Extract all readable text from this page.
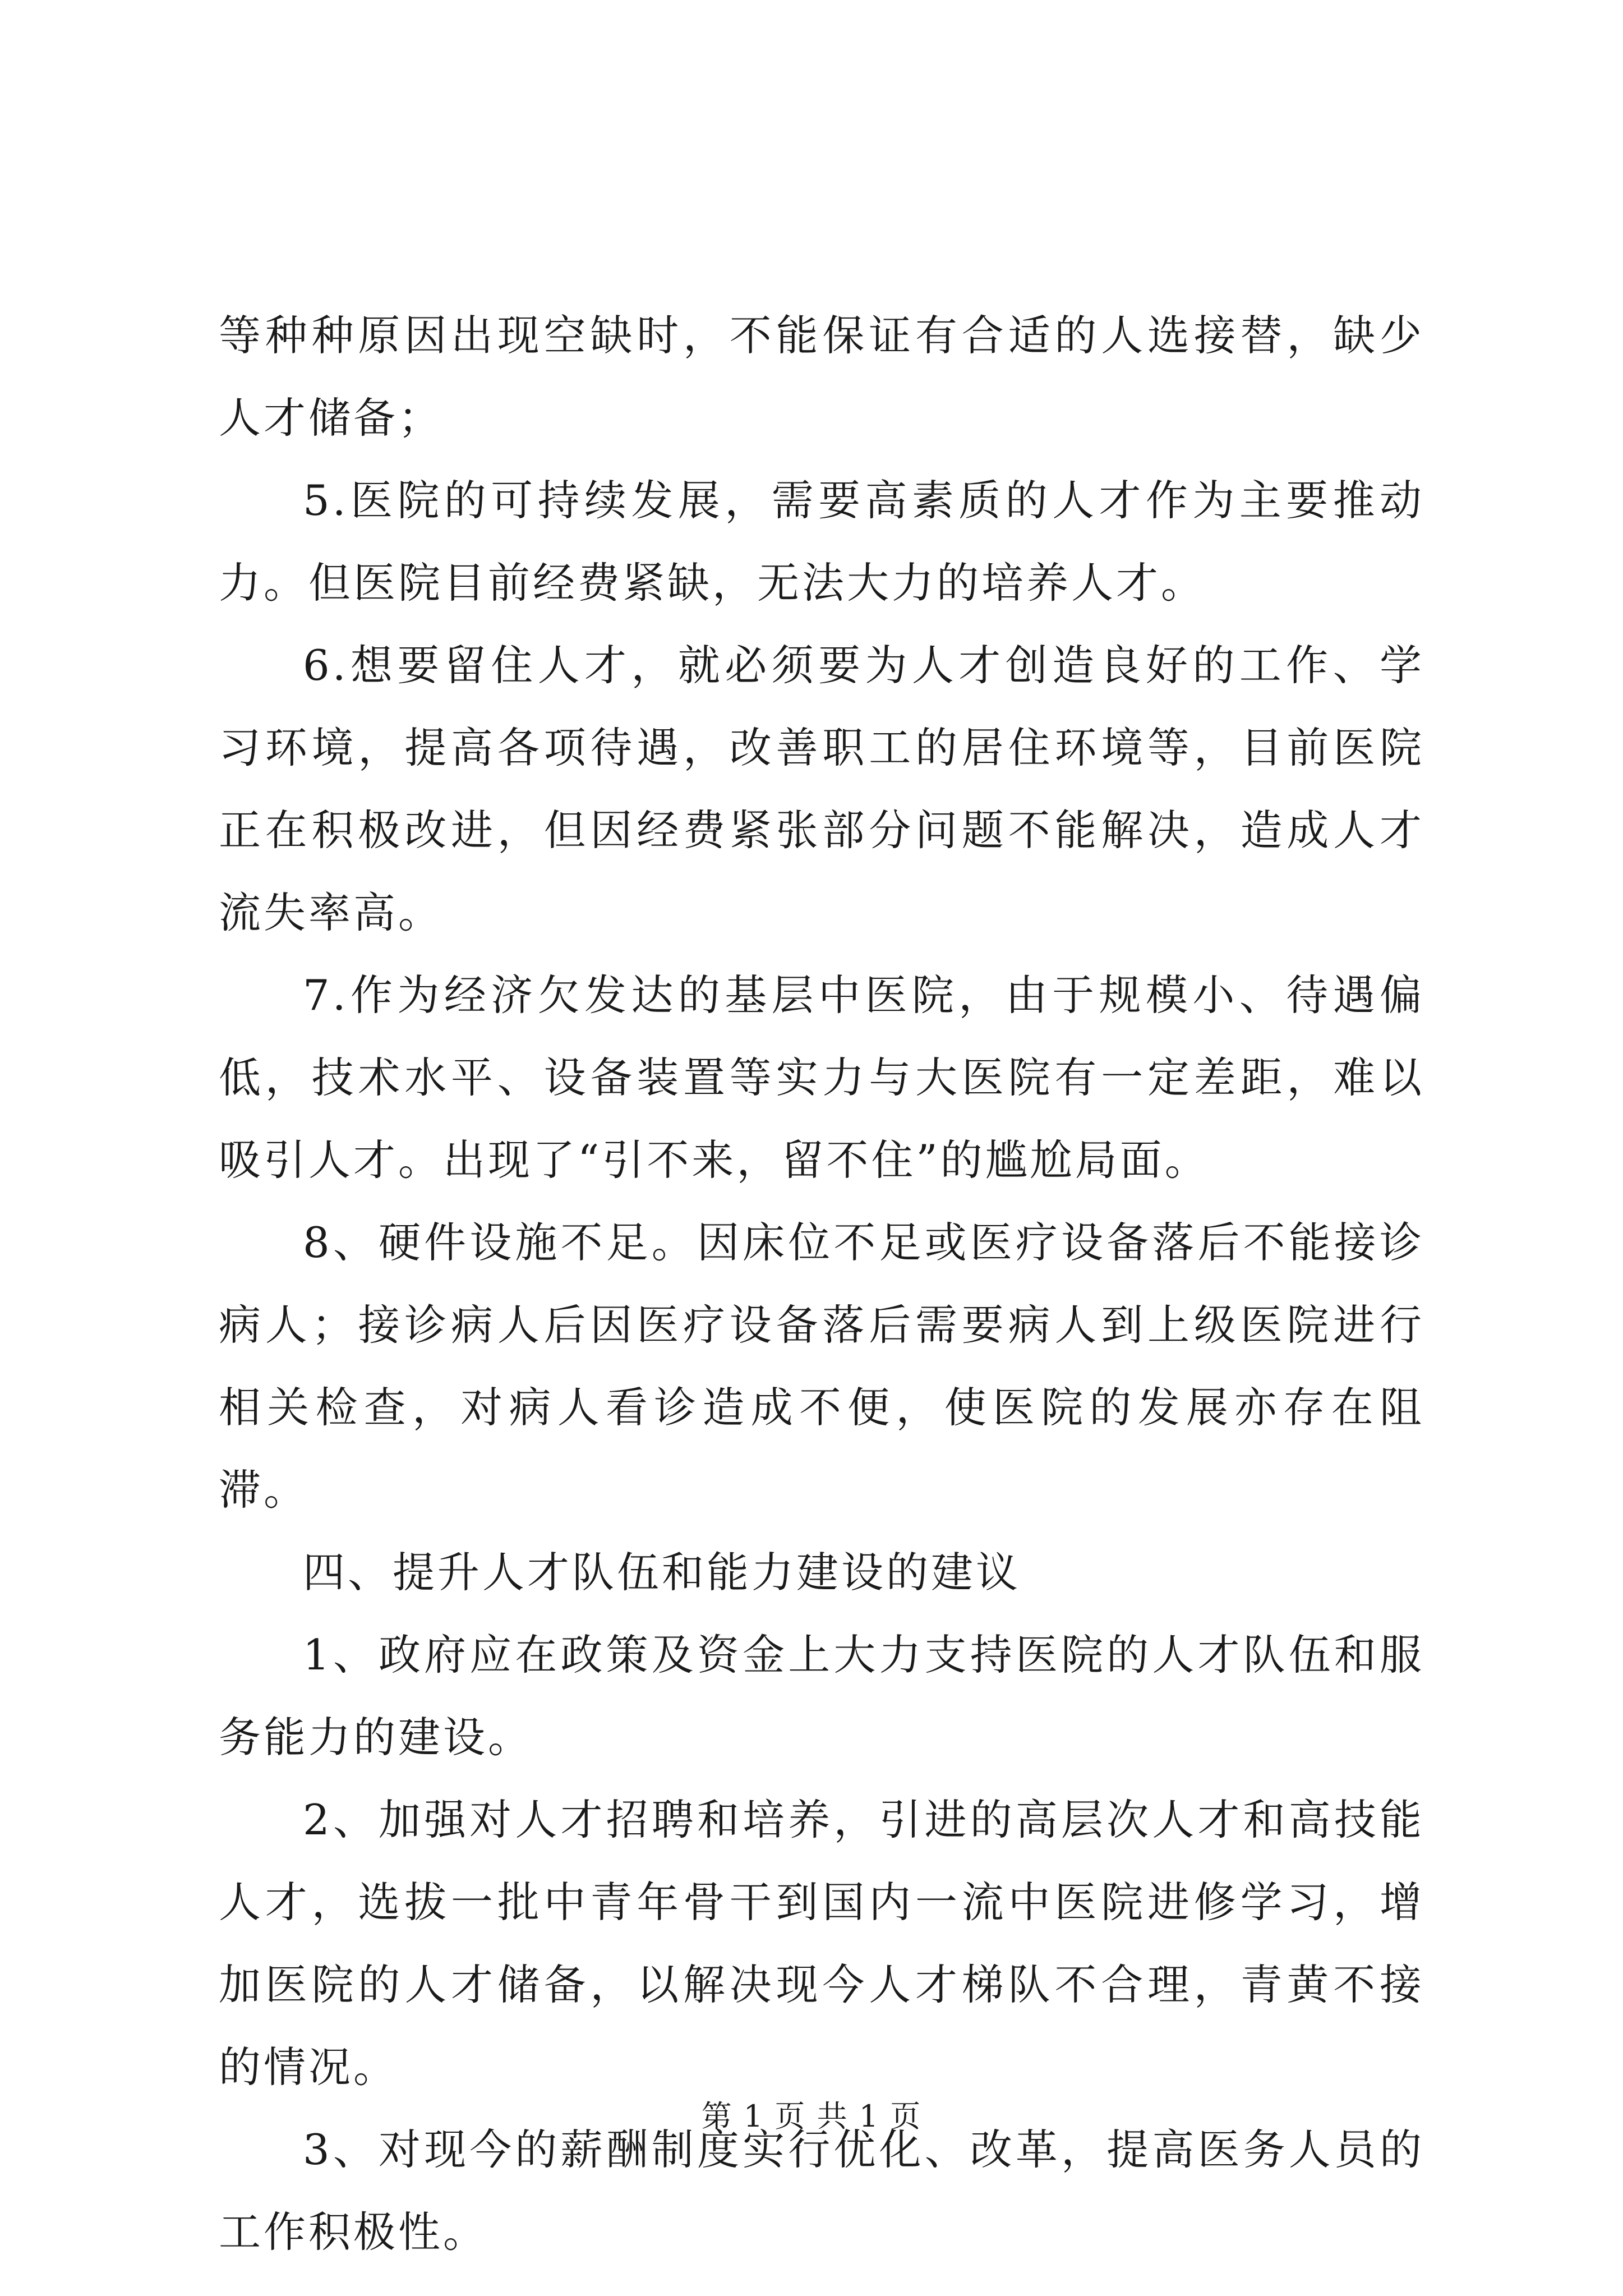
等种种原因出现空缺时，不能保证有合适的人选接替，缺少人才储备；

5.医院的可持续发展，需要高素质的人才作为主要推动力。但医院目前经费紧缺，无法大力的培养人才。

6.想要留住人才，就必须要为人才创造良好的工作、学习环境，提高各项待遇，改善职工的居住环境等，目前医院正在积极改进，但因经费紧张部分问题不能解决，造成人才流失率高。

7.作为经济欠发达的基层中医院，由于规模小、待遇偏低，技术水平、设备装置等实力与大医院有一定差距，难以吸引人才。出现了“引不来，留不住”的尴尬局面。

8、硬件设施不足。因床位不足或医疗设备落后不能接诊病人；接诊病人后因医疗设备落后需要病人到上级医院进行相关检查，对病人看诊造成不便，使医院的发展亦存在阻滞。

四、提升人才队伍和能力建设的建议

1、政府应在政策及资金上大力支持医院的人才队伍和服务能力的建设。

2、加强对人才招聘和培养，引进的高层次人才和高技能人才，选拔一批中青年骨干到国内一流中医院进修学习，增加医院的人才储备，以解决现今人才梯队不合理，青黄不接的情况。

3、对现今的薪酬制度实行优化、改革，提高医务人员的工作积极性。

第 1 页 共 1 页
